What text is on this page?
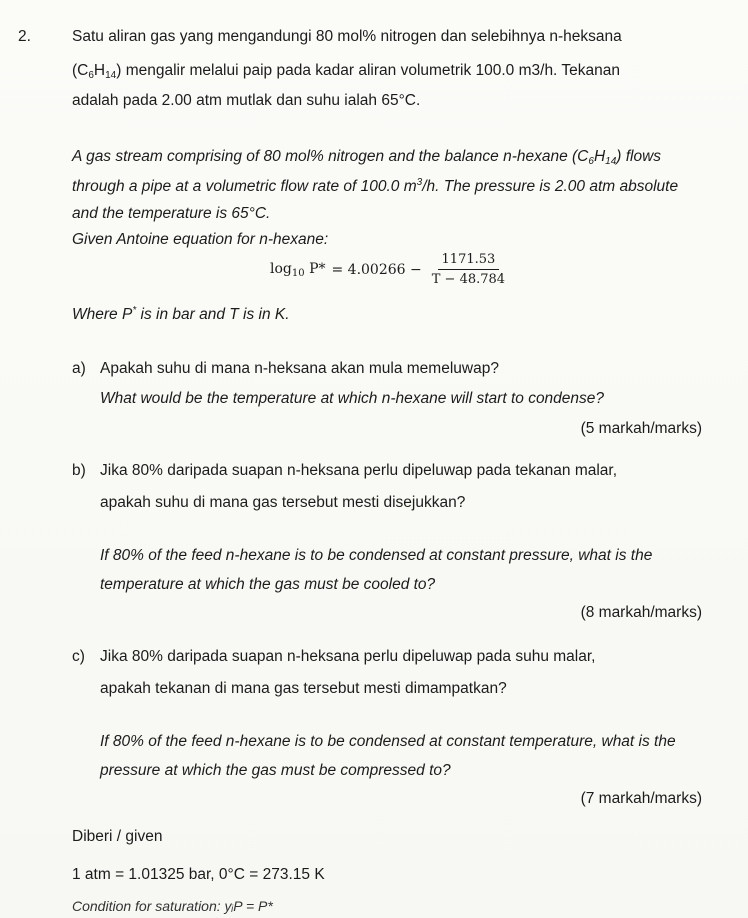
2.	Satu aliran gas yang mengandungi 80 mol% nitrogen dan selebihnya n-heksana
$(C_6H_{14})$ mengalir melalui paip pada kadar aliran volumetrik 100.0 m3/h. Tekanan
adalah pada 2.00 atm mutlak dan suhu ialah 65°C.
A gas stream comprising of 80 mol% nitrogen and the balance n-hexane $(C_6H_{14})$ flows
through a pipe at a volumetric flow rate of 100.0 $m^3/h$. The pressure is 2.00 atm absolute
and the temperature is 65°C.
Given Antoine equation for n-hexane:
$\log_{10} P* = 4.00266 - \frac{1171.53}{T - 48.784}$
Where P* is in bar and T is in K.
a) Apakah suhu di mana n-heksana akan mula memeluwap?
What would be the temperature at which n-hexane will start to condense?
(5 markah/marks)
b) Jika 80% daripada suapan n-heksana perlu dipeluwap pada tekanan malar,
apakah suhu di mana gas tersebut mesti disejukkan?
If 80% of the feed n-hexane is to be condensed at constant pressure, what is the
temperature at which the gas must be cooled to?
(8 markah/marks)
c) Jika 80% daripada suapan n-heksana perlu dipeluwap pada suhu malar,
apakah tekanan di mana gas tersebut mesti dimampatkan?
If 80% of the feed n-hexane is to be condensed at constant temperature, what is the
pressure at which the gas must be compressed to?
(7 markah/marks)
Diberi / given
1 atm = 1.01325 bar, 0°C = 273.15 K
Condition for saturation: yᵢP = P*
